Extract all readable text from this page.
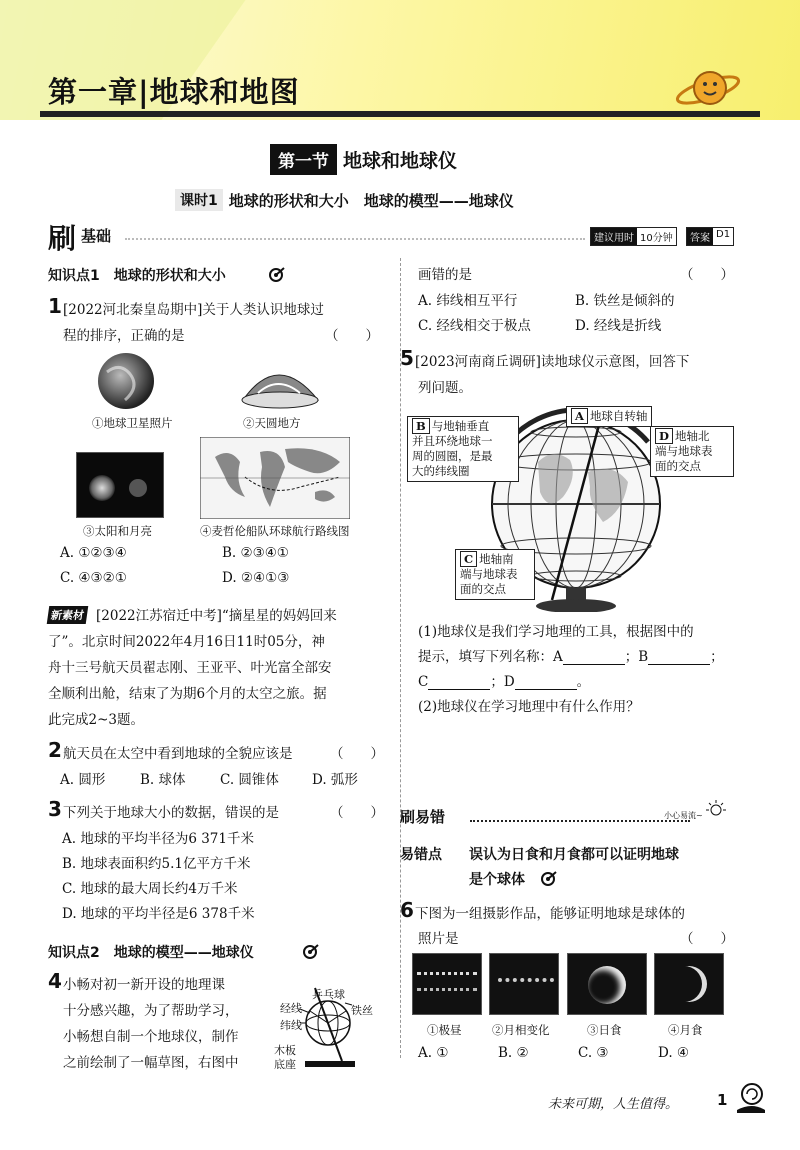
第一章|地球和地图
第一节 地球和地球仪
课时1 地球的形状和大小　地球的模型——地球仪
刷 基础	建议用时 10分钟	答案 D1
知识点1　地球的形状和大小
1 [2022河北秦皇岛期中]关于人类认识地球过
程的排序，正确的是	（　　）
①地球卫星照片	②天圆地方
③太阳和月亮	④麦哲伦船队环球航行路线图
A. ①②③④	B. ②③④①
C. ④③②①	D. ②④①③
新素材 [2022江苏宿迁中考]“摘星星的妈妈回来
了”。北京时间2022年4月16日11时05分，神
舟十三号航天员翟志刚、王亚平、叶光富全部安
全顺利出舱，结束了为期6个月的太空之旅。据
此完成2~3题。
2 航天员在太空中看到地球的全貌应该是	（　　）
A. 圆形	B. 球体	C. 圆锥体 D. 弧形
3 下列关于地球大小的数据，错误的是	（　　）
A. 地球的平均半径为6 371千米
B. 地球表面积约5.1亿平方千米
C. 地球的最大周长约4万千米
D. 地球的平均半径是6 378千米
知识点2　地球的模型——地球仪
4 小畅对初一新开设的地理课
十分感兴趣，为了帮助学习，
小畅想自制一个地球仪，制作
之前绘制了一幅草图，右图中
经线
纬线
乒乓球
铁丝
木板
底座
画错的是	（　　）
A. 纬线相互平行	B. 铁丝是倾斜的
C. 经线相交于极点	D. 经线是折线
5 [2023河南商丘调研]读地球仪示意图，回答下
列问题。
A 地球自转轴
B 与地轴垂直
并且环绕地球一
周的圆圈，是最
大的纬线圈
D 地轴北
端与地球表
面的交点
C 地轴南
端与地球表
面的交点
(1)地球仪是我们学习地理的工具，根据图中的
提示，填写下列名称：A	；B	；
C	；D	。
(2)地球仪在学习地理中有什么作用？
刷易错	小心易流~
易错点 误认为日食和月食都可以证明地球
是个球体
6 下图为一组摄影作品，能够证明地球是球体的
照片是	（　　）
①极昼	②月相变化	③日食	④月食
A. ①	B. ②	C. ③	D. ④
未来可期，人生值得。	1
